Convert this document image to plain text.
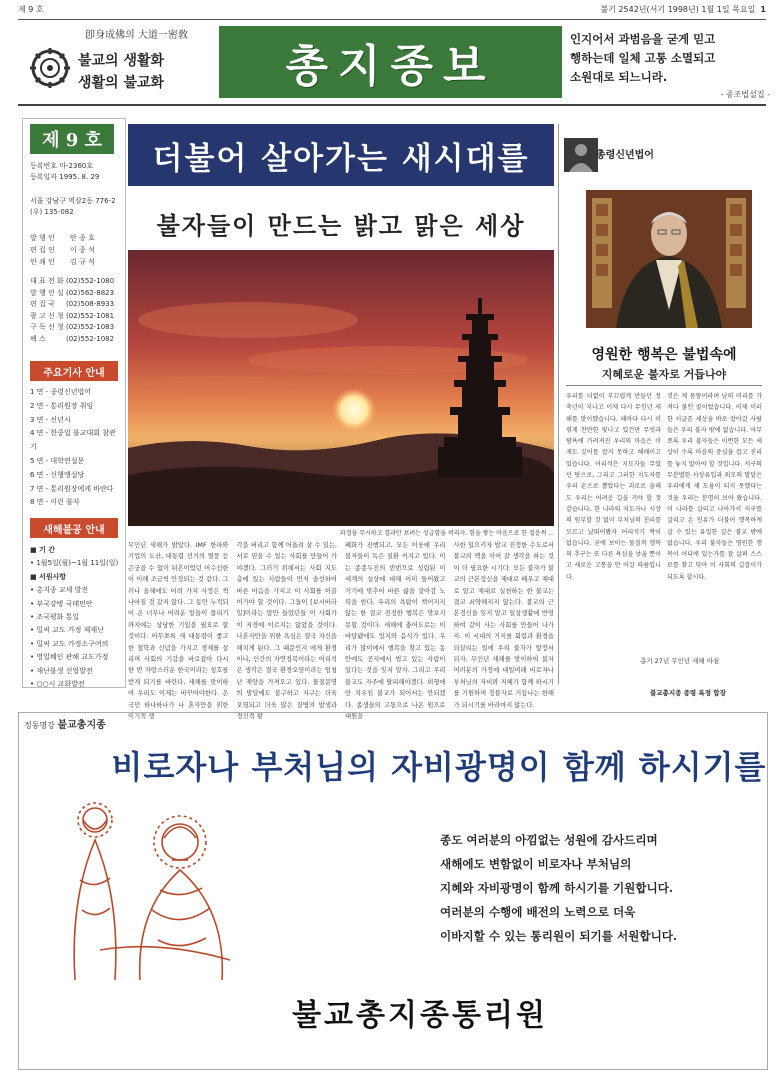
제 9 호	불기 2542년(서기 1998년) 1월 1일 목요일 1
卽身成佛의 大道一密敎
불교의 생활화
생활의 불교화	총지종보
인지어서 과범음을 굳게 믿고
행하는데 일체 고통 소멸되고
소원대로 되느니라.
- 종조법설집 -
제 9 호
등록번호 마-2360호
등록일자 1995. 8. 29
서울 강남구 역삼2동 776-2
(우) 135-082
발 행 인	안 종 호
편 집 인	이 종 석
인 쇄 인	김 규 석
대 표 전 화 (02)552-1080
발 행 인 실 (02)562-8823
편 집 국	(02)508-8933
광 고 신 청 (02)552-1081
구 독 신 청 (02)552-1083
팩 스	(02)552-1082
주요기사 안내
1 면 - 종령신년법어
2 면 - 통리원장 취임
3 면 - 신년시
4 면 - 한중일 불교대회 참관기
5 면 - 대학연설문
6 면 - 신행앵설당
7 면 - 통리원장에게 바란다
8 면 - 이런 불자
새해불공 안내
■ 기 간
• 1월5일(월)~1월 11일(일)
■ 서원사항
• 총지종 교세 발전
• 부국강병 국태민안
• 조국평화 통일
• 밀씨 교도 가정 제재난
• 밀씨 교도 가정소구여의
• 영일혜인 관해 교도가정
• 재난불생 선업발전
• ○○시 교화발전
더불어 살아가는 새시대를
불자들이 만드는 밝고 맑은 세상
과정을 무시하고 결과만 보려는 성급함을 버리자. 힘을 쌓는 마음으로 한 걸음씩 ...
무인년 새해가 밝았다. IMF 한파와 기업의 도산, 대통령 선거의 열풍 등 곤궁을 수 없이 뒤흔이었던 어수선한이 이해 조금씩 안정되는 것 같다. 그러나 올해에도 어려 가지 사정은 썩 나아질 것 같지 않다. 그 동안 누적되어 온 너무나 어려운 일들이 풀리기 까지에는 상당한 기일을 필요로 할 것이다. 아무쪼록 새 대통령이 좋고한 철학과 신념을 가지고 경제를 살리며 사회의 기강을 바로잡아 다시 한 번 자랑스러운 한국이라는 칭호를 받게 되기를 바란다. 새해를 맞이하여 우리도 이제는 바꾸어야한다. 온 국민 하나하나가 나 혼자만을 위한 이기적 생
각을 버리고 함께 어울려 살 수 있는, 서로 믿을 수 있는 사회를 만들어 가야겠다. 그러기 위해서는 사회 지도층에 있는 사람들이 먼저 솔선하여 바른 마음을 가지고 이 사회를 이끌어가야 할 것이다. 그들이 [보시바라밀]이라는 말만 들었던들 이 사회가 이 지경에 이르지는 않았을 것이다. 나혼자만을 위한 욕심은 결국 자신을 해치게 된다. 그 때문인지 에게 환경이나, 인간의 자연정복이라는 어리석은 생각은 결국 환경오염이라는 엄청난 재앙을 가져오고 있다. 물질문명의 발달에도 불구하고 지구는 더욱 오염되고 더욱 많은 질병의 발생과 정신적 황
폐화가 진행되고, 모든 이웃에 우리 불자들이 독은 질환 커지고 있다. 이는 종종두진의 빈번으로 성립된 이 세계의 실상에 대해 이미 들어왔고 거기에 맞추어 바른 삶을 살아감 노력을 한다. 우리의 욕탐이 책어지지 않는 한 결코 진정한 행복은 맛보지 못할 것이다. 새해에 충어도로는 이 바탕됐에도 있지와 음식가 있다. 우리가 많이에서 행복을 찾고 있는 동안에도 공지에서 범고 있는 사람이 있다는 것을 잊지 말자. 그리고 우리 불교도 자주에 탈피해야겠다. 외형에만 치우친 불교가 되어서는 안되겠다. 종생들의 고통으로 나온 원으로 대원을
사한 일으키자 발교 진정한 수도로서 불교의 맥을 이어 갈 생각을 하는 것이 더 필요한 시기다. 모든 불자가 불교의 근본정신을 제대로 배우고 제대로 알고 제대로 실천하는 한 불교는 결코 쇠약해지지 않는다. 불교의 근본정신을 잊지 말고 일상생활에 반영하여 같이 사는 사회를 만들어 나가자. 이 시대의 거지를 회림과 환경을 되살리는 일에 우리 불자가 앞장서 되자. 무인년 새해를 맞이하여 불자 여러분의 가정에 대일여래 비로자나부처님의 자비와 지혜가 함께 하시기를 기원하며 정불자로 거듭나는 한해가 되시기를 바라마지 않는다.
총령신년법어
영원한 행복은 불법속에
지혜로운 불자로 거듭나야
우리를 더없이 부끄럽게 만들던 정축년이 지나고 이제 다시 무인년 새해를 맞이했습니다. 해마다 다시 이렇게 찬란한 빛나고 있건만 무엇과 탐욕에 가려져진 우리의 마음은 이제도 깊어를 잡지 못하고 헤매이고 있습니다. 어리석은 지도자들 무었던 탓으로, 그리고 그러한 지도자를 우리 손으로 뽑았다는 괴로로 올해도 우리는 어려운 길을 거야 할 것 같습니다. 한 나라의 지도자나 시장의 원부할 것 없이 부처님의 진리를 모르고 날뛰어봤자 어리석기 짝이 없습니다. 곧에 보이는 물질적 행복의 추구는 또 다른 욕심을 낳을 뿐이고 새로운 고통을 만 어갈 따름입니다.
것은 제 몸뚱이라며 남의 머리를 가져다 불인 꼴이었습니다. 이제 이러한 서글픈 세상을 바로 잡아갈 사람들은 우리 불자 밖에 없습니다. 아무쪼록 우리 불자들은 이번한 모든 세상이 수록 마음의 중심을 잡고 진리를 놓지 말아야 할 것입니다. 서구의 무분별한 사상유입과 외모의 발달은 우리에게 채 도움이 되지 못했다는 것을 우리는 분명히 보아 왔습니다. 이 나라를 살리고 나아가서 지구를 살리고 온 인류가 더불어 행복하게 살 수 있는 유일한 길은 불교 밖에 없습니다. 우리 불자들은 영원한 행복이 어디에 있는가를 잘 살펴 스스로를 찾고 닦아 이 사회의 길잡이가 되도록 합시다.
총기 27년 무인년 새해 아침
불교총지종 종령 록정 합장
정동명강 불교총지종
비로자나 부처님의 자비광명이 함께 하시기를
종도 여러분의 아낌없는 성원에 감사드리며
새해에도 변함없이 비로자나 부처님의
지혜와 자비광명이 함께 하시기를 기원합니다.
여러분의 수행에 배전의 노력으로 더욱
이바지할 수 있는 통리원이 되기를 서원합니다.
불교총지종통리원
